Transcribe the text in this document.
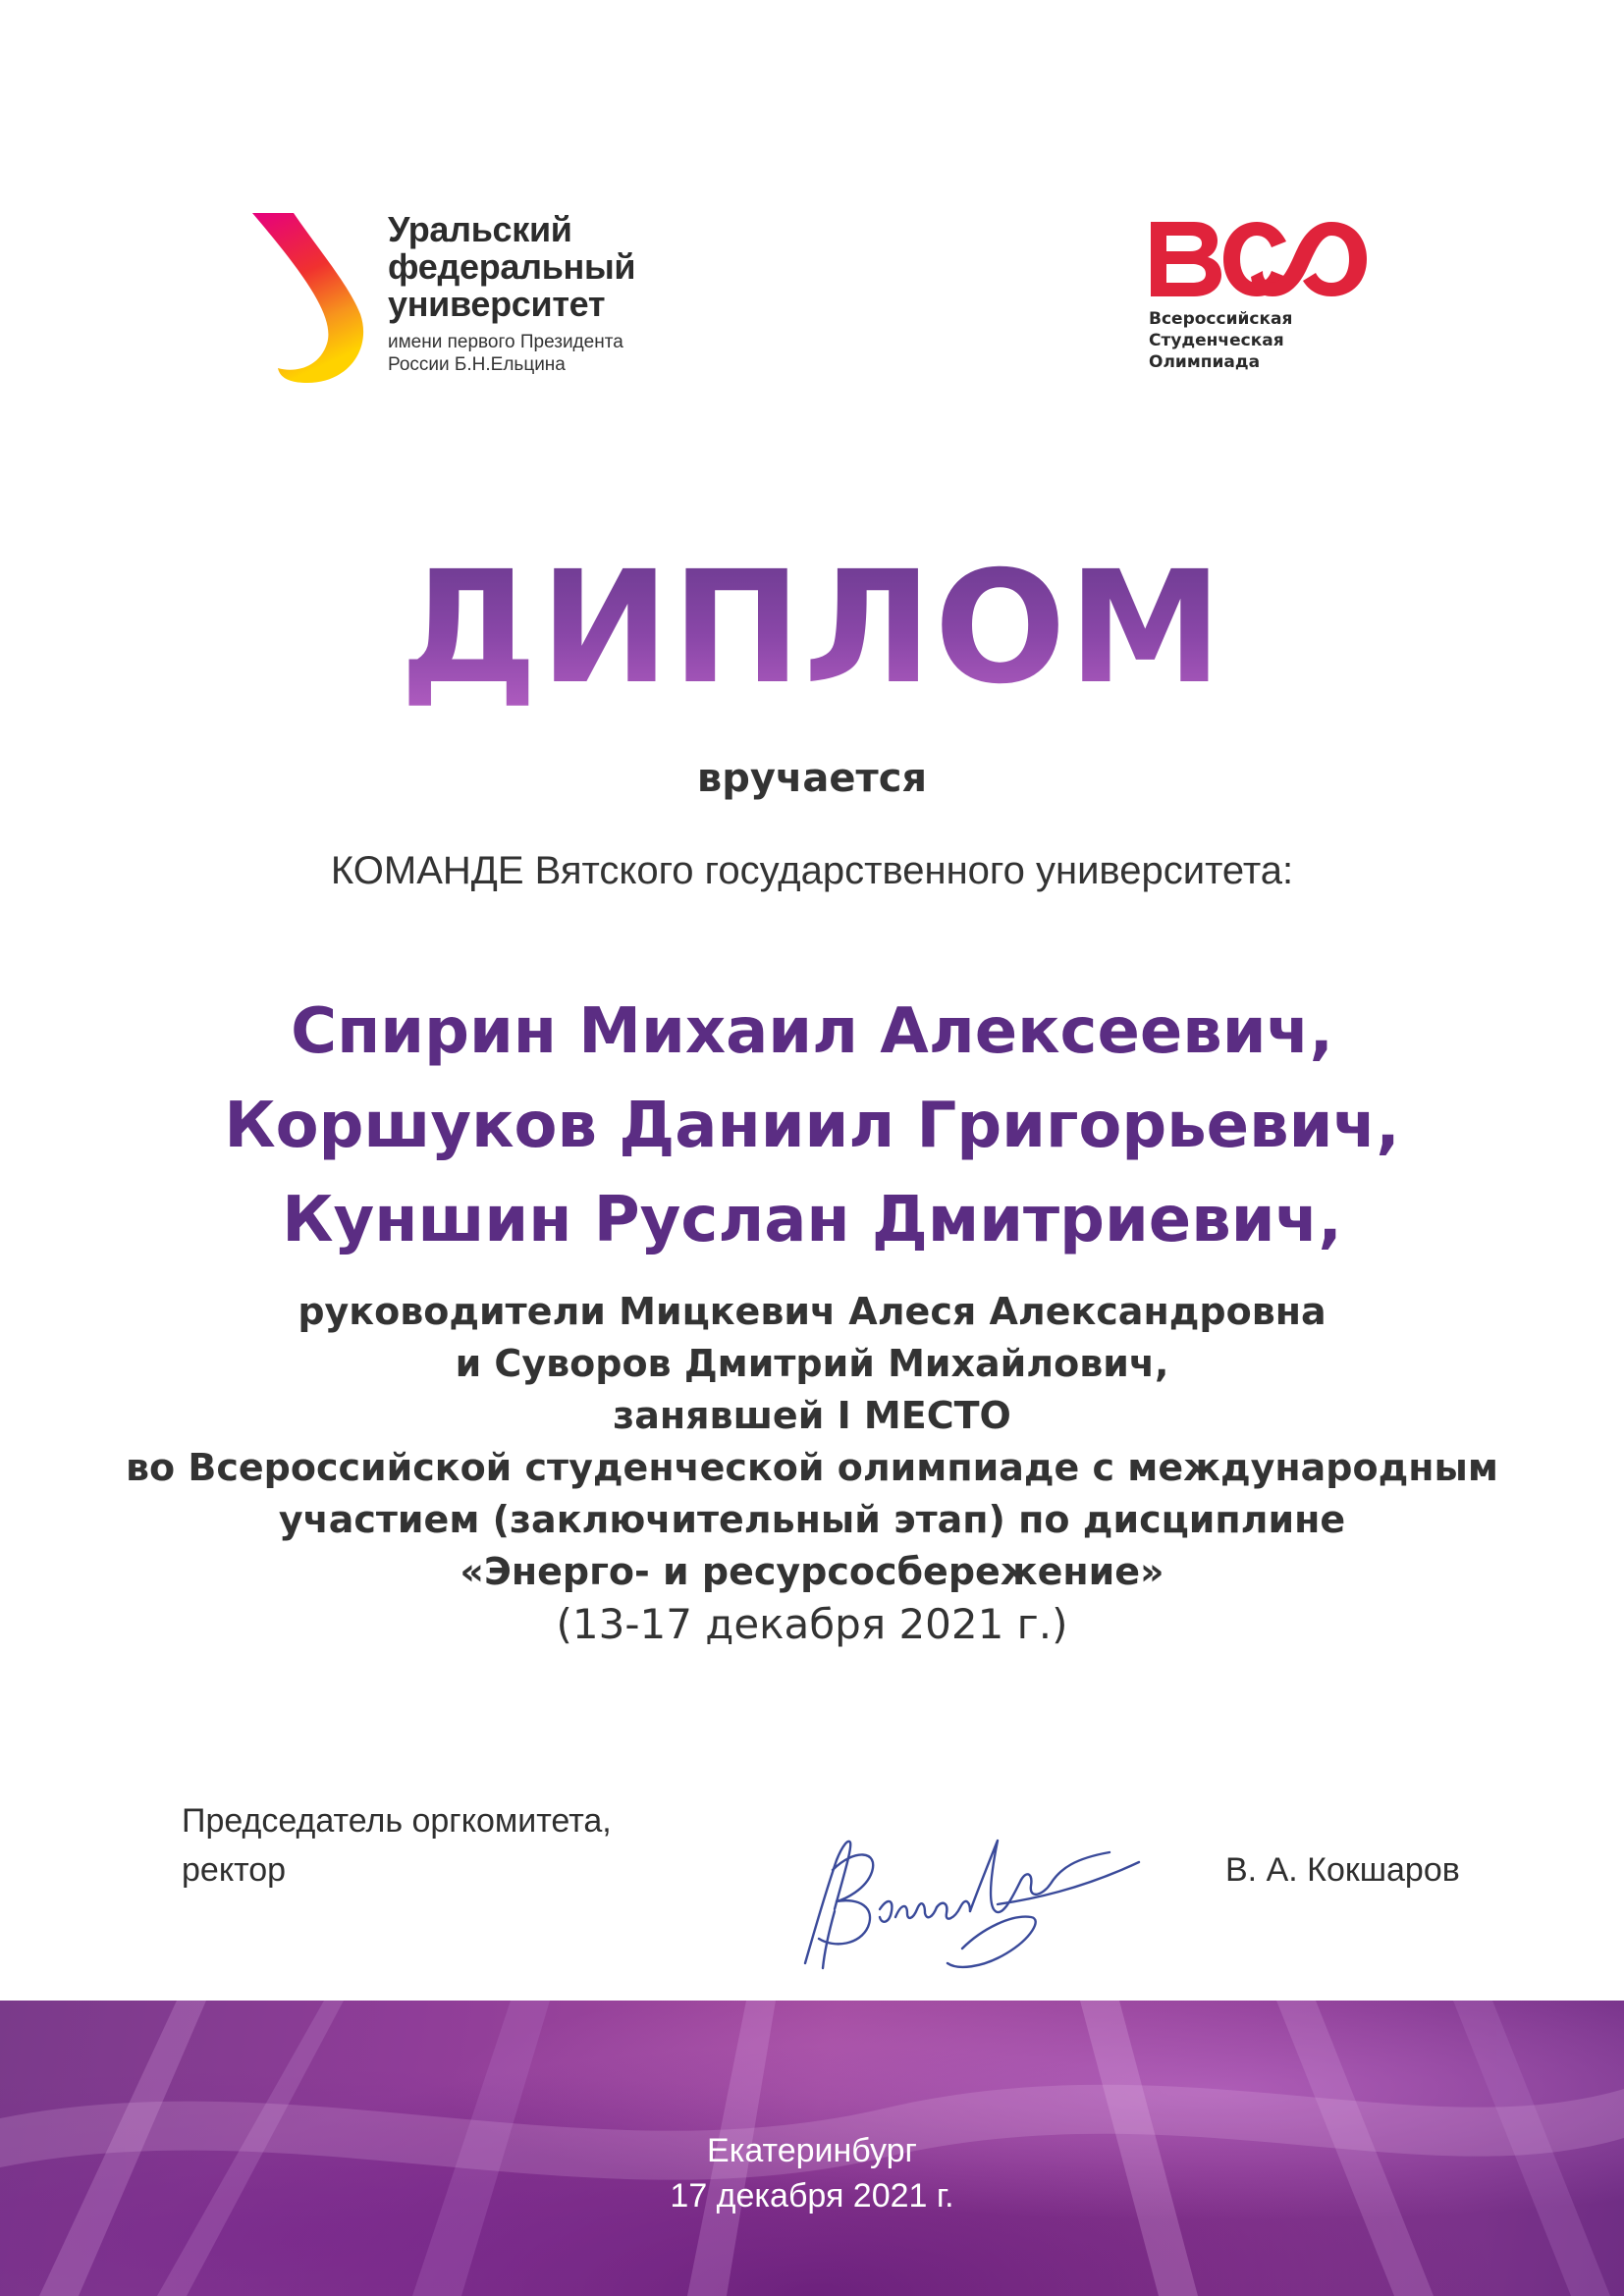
Уральский
федеральный
университет
имени первого Президента
России Б.Н.Ельцина
Всероссийская
Студенческая
Олимпиада
ДИПЛОМ
вручается
КОМАНДЕ Вятского государственного университета:
Спирин Михаил Алексеевич,
Коршуков Даниил Григорьевич,
Куншин Руслан Дмитриевич,
руководители Мицкевич Алеся Александровна
и Суворов Дмитрий Михайлович,
занявшей I МЕСТО
во Всероссийской студенческой олимпиаде с международным
участием (заключительный этап) по дисциплине
«Энерго- и ресурсосбережение»
(13-17 декабря 2021 г.)
Председатель оргкомитета,
ректор	В. А. Кокшаров
Екатеринбург
17 декабря 2021 г.
